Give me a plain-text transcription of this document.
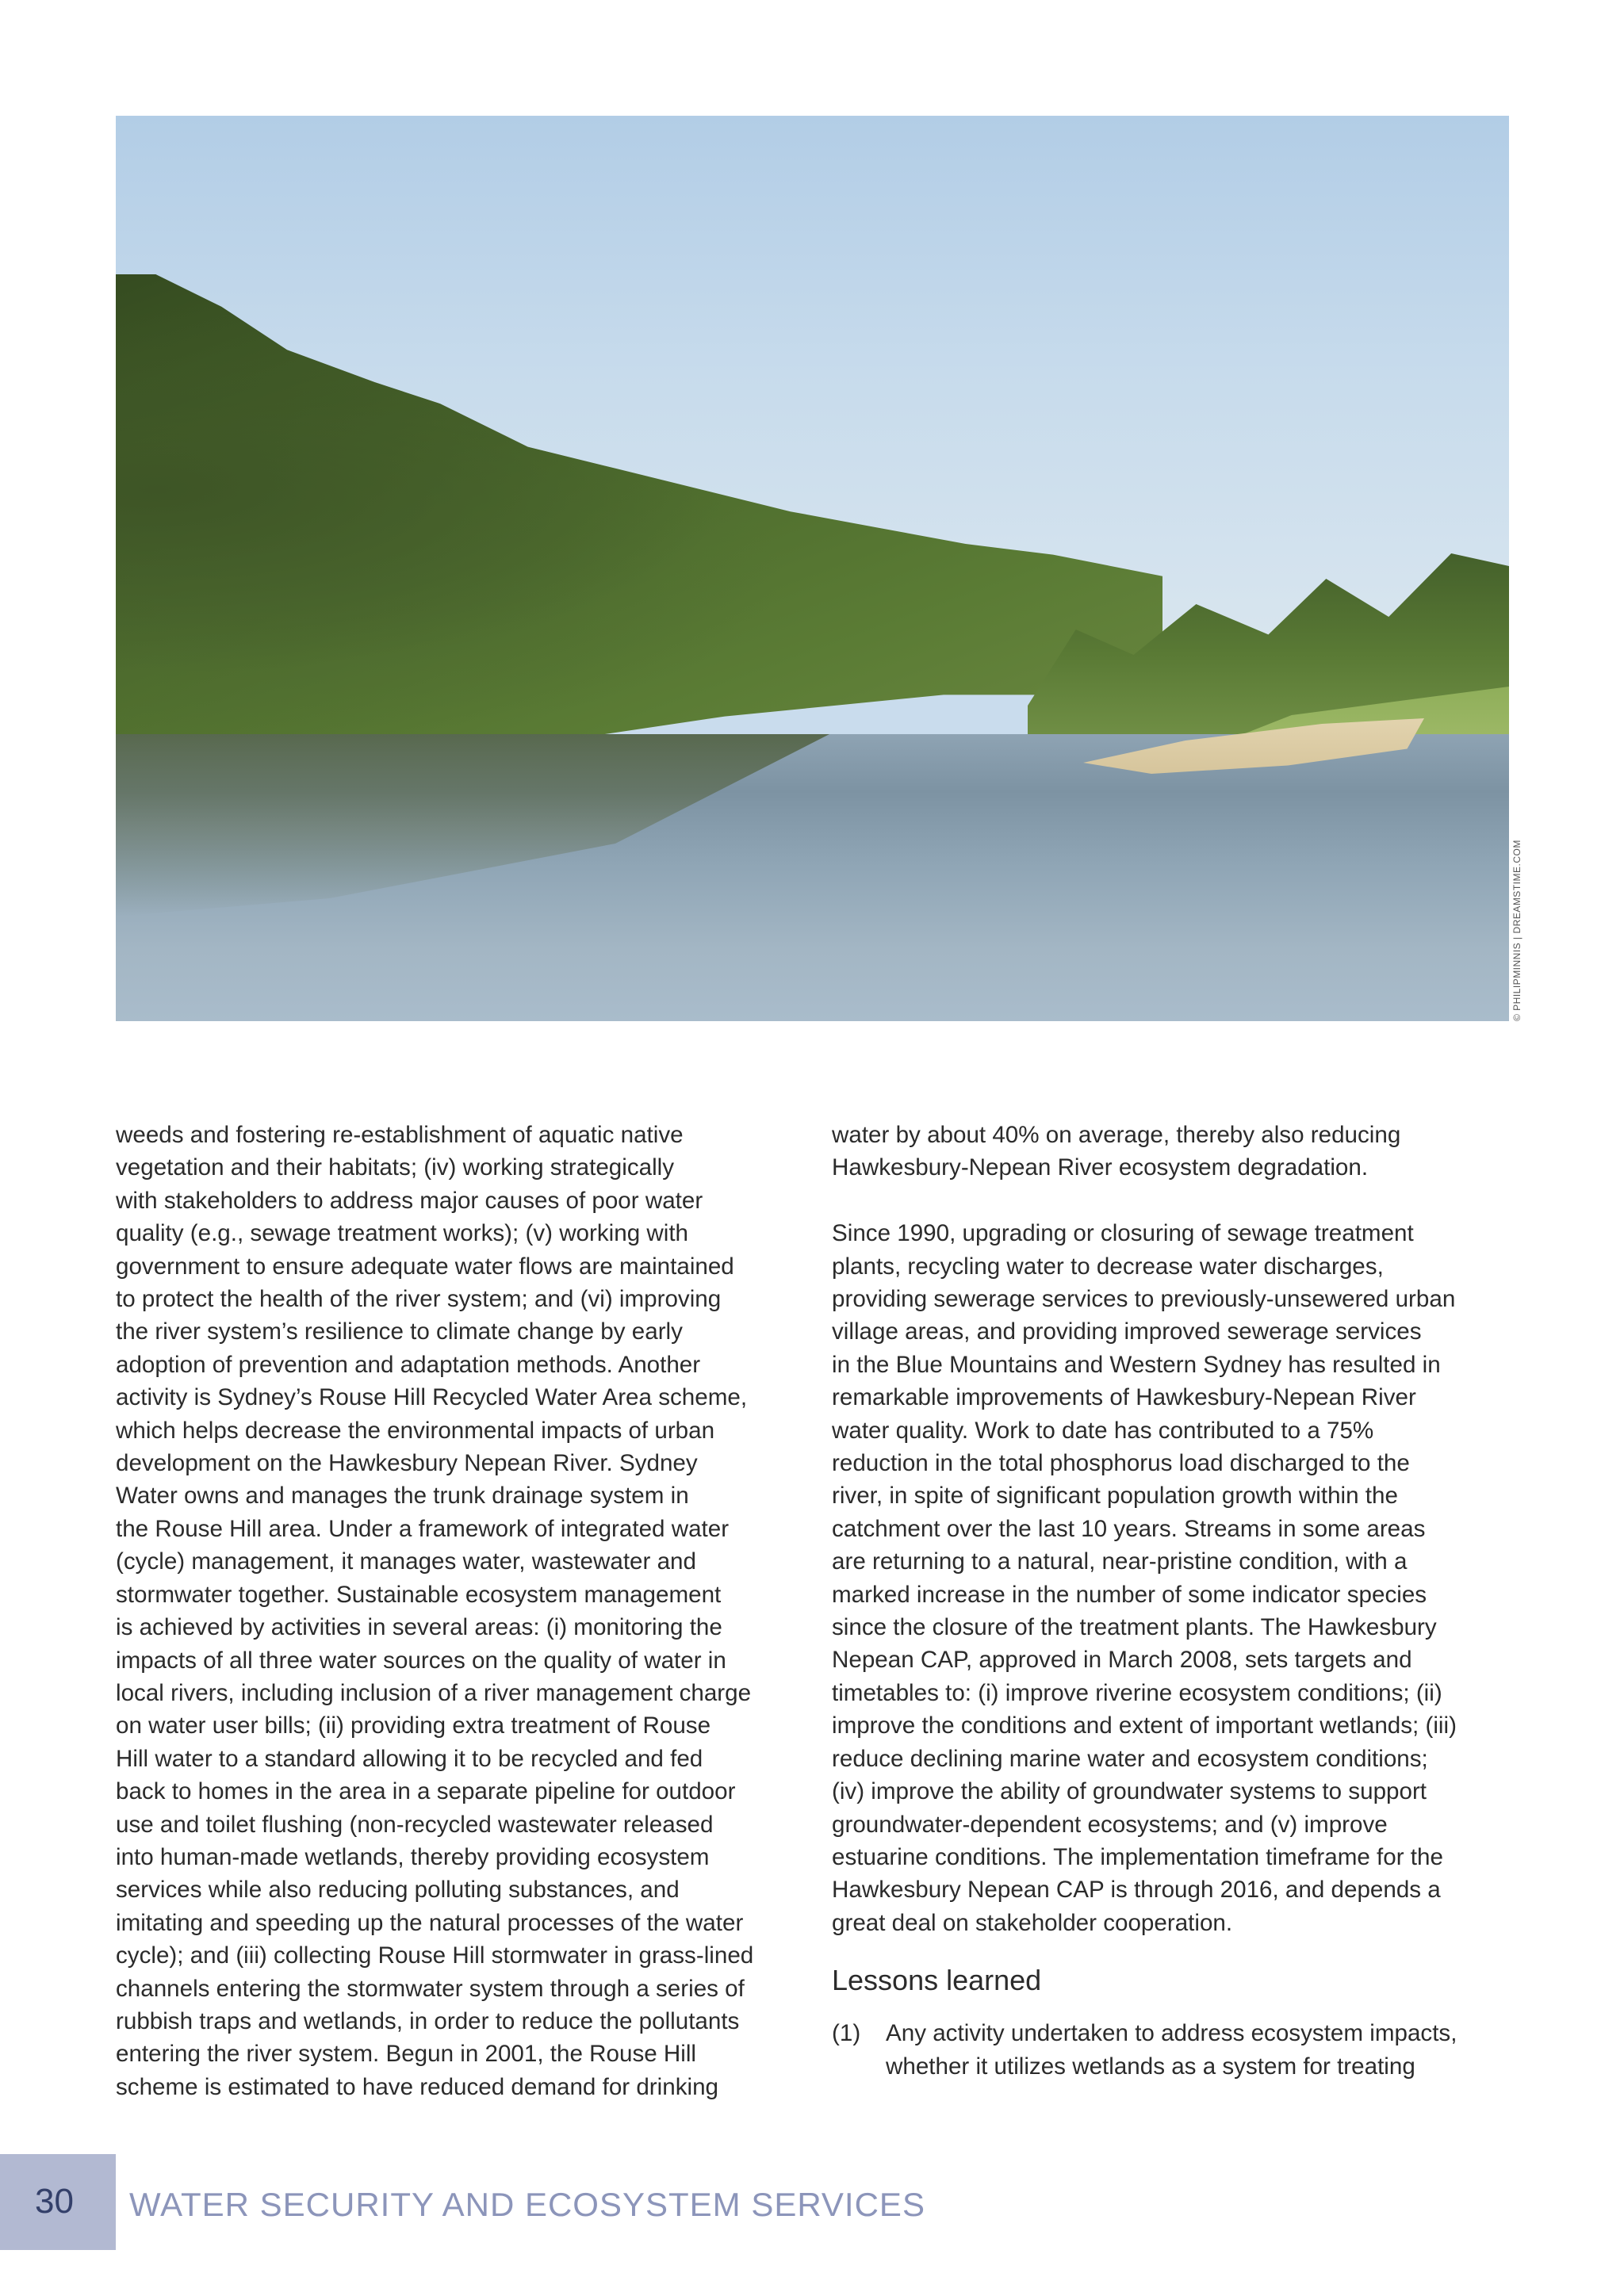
© PHILIPMINNIS | DREAMSTIME.COM
weeds and fostering re-establishment of aquatic native
vegetation and their habitats; (iv) working strategically
with stakeholders to address major causes of poor water
quality (e.g., sewage treatment works); (v) working with
government to ensure adequate water flows are maintained
to protect the health of the river system; and (vi) improving
the river system’s resilience to climate change by early
adoption of prevention and adaptation methods. Another
activity is Sydney’s Rouse Hill Recycled Water Area scheme,
which helps decrease the environmental impacts of urban
development on the Hawkesbury Nepean River. Sydney
Water owns and manages the trunk drainage system in
the Rouse Hill area. Under a framework of integrated water
(cycle) management, it manages water, wastewater and
stormwater together. Sustainable ecosystem management
is achieved by activities in several areas: (i) monitoring the
impacts of all three water sources on the quality of water in
local rivers, including inclusion of a river management charge
on water user bills; (ii) providing extra treatment of Rouse
Hill water to a standard allowing it to be recycled and fed
back to homes in the area in a separate pipeline for outdoor
use and toilet flushing (non-recycled wastewater released
into human-made wetlands, thereby providing ecosystem
services while also reducing polluting substances, and
imitating and speeding up the natural processes of the water
cycle); and (iii) collecting Rouse Hill stormwater in grass-lined
channels entering the stormwater system through a series of
rubbish traps and wetlands, in order to reduce the pollutants
entering the river system. Begun in 2001, the Rouse Hill
scheme is estimated to have reduced demand for drinking
water by about 40% on average, thereby also reducing
Hawkesbury-Nepean River ecosystem degradation.
Since 1990, upgrading or closuring of sewage treatment
plants, recycling water to decrease water discharges,
providing sewerage services to previously-unsewered urban
village areas, and providing improved sewerage services
in the Blue Mountains and Western Sydney has resulted in
remarkable improvements of Hawkesbury-Nepean River
water quality. Work to date has contributed to a 75%
reduction in the total phosphorus load discharged to the
river, in spite of significant population growth within the
catchment over the last 10 years. Streams in some areas
are returning to a natural, near-pristine condition, with a
marked increase in the number of some indicator species
since the closure of the treatment plants. The Hawkesbury
Nepean CAP, approved in March 2008, sets targets and
timetables to: (i) improve riverine ecosystem conditions; (ii)
improve the conditions and extent of important wetlands; (iii)
reduce declining marine water and ecosystem conditions;
(iv) improve the ability of groundwater systems to support
groundwater-dependent ecosystems; and (v) improve
estuarine conditions. The implementation timeframe for the
Hawkesbury Nepean CAP is through 2016, and depends a
great deal on stakeholder cooperation.
Lessons learned
(1) Any activity undertaken to address ecosystem impacts,
whether it utilizes wetlands as a system for treating
30 WATER SECURITY AND ECOSYSTEM SERVICES
